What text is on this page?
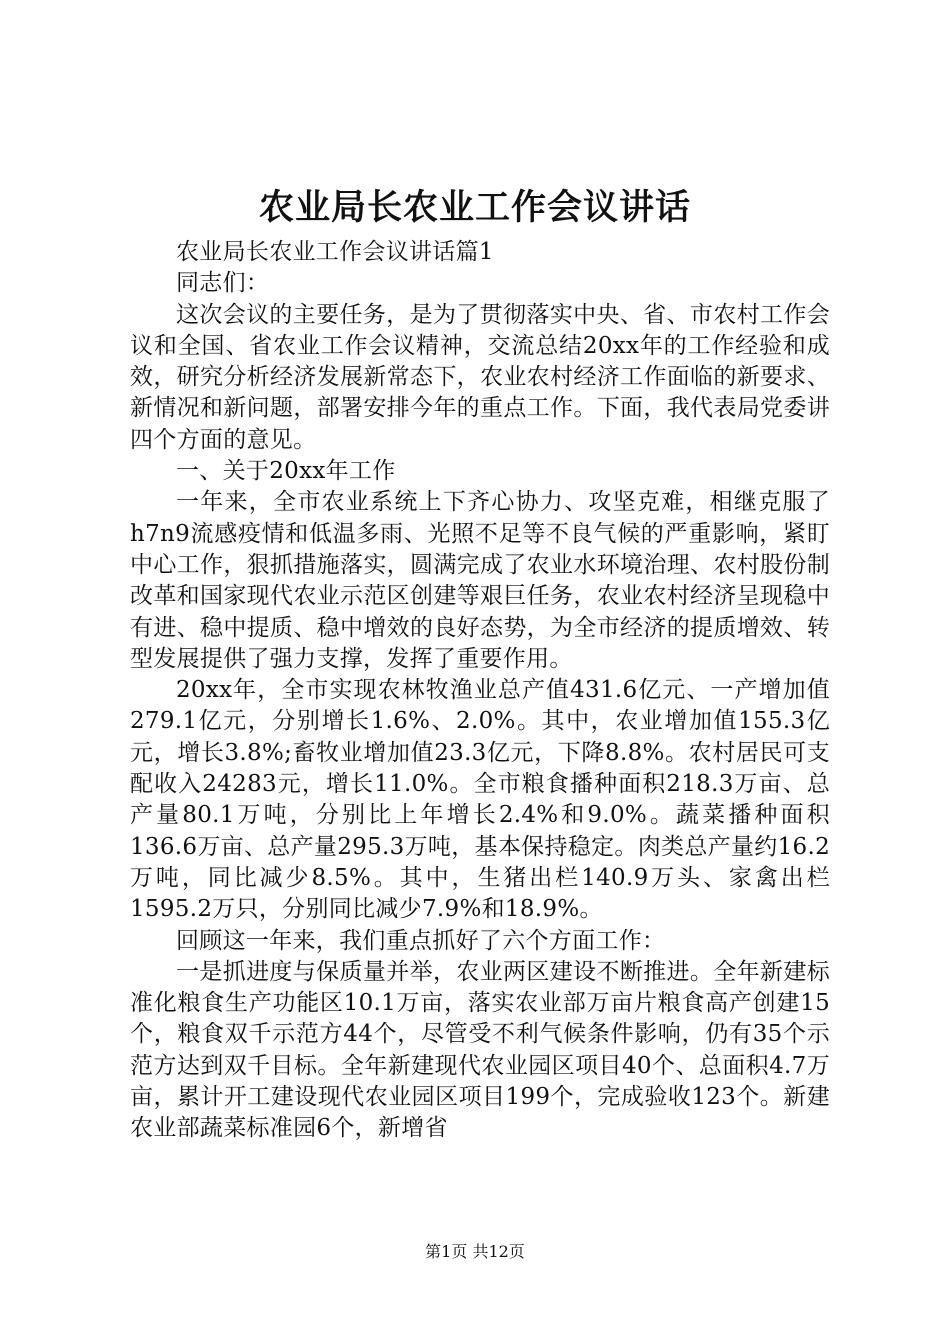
农业局长农业工作会议讲话

农业局长农业工作会议讲话篇1

同志们：

这次会议的主要任务，是为了贯彻落实中央、省、市农村工作会议和全国、省农业工作会议精神，交流总结20xx年的工作经验和成效，研究分析经济发展新常态下，农业农村经济工作面临的新要求、新情况和新问题，部署安排今年的重点工作。下面，我代表局党委讲四个方面的意见。

一、关于20xx年工作

一年来，全市农业系统上下齐心协力、攻坚克难，相继克服了h7n9流感疫情和低温多雨、光照不足等不良气候的严重影响，紧盯中心工作，狠抓措施落实，圆满完成了农业水环境治理、农村股份制改革和国家现代农业示范区创建等艰巨任务，农业农村经济呈现稳中有进、稳中提质、稳中增效的良好态势，为全市经济的提质增效、转型发展提供了强力支撑，发挥了重要作用。

20xx年，全市实现农林牧渔业总产值431.6亿元、一产增加值279.1亿元，分别增长1.6%、2.0%。其中，农业增加值155.3亿元，增长3.8%;畜牧业增加值23.3亿元，下降8.8%。农村居民可支配收入24283元，增长11.0%。全市粮食播种面积218.3万亩、总产量80.1万吨，分别比上年增长2.4%和9.0%。蔬菜播种面积136.6万亩、总产量295.3万吨，基本保持稳定。肉类总产量约16.2万吨，同比减少8.5%。其中，生猪出栏140.9万头、家禽出栏1595.2万只，分别同比减少7.9%和18.9%。

回顾这一年来，我们重点抓好了六个方面工作：

一是抓进度与保质量并举，农业两区建设不断推进。全年新建标准化粮食生产功能区10.1万亩，落实农业部万亩片粮食高产创建15个，粮食双千示范方44个，尽管受不利气候条件影响，仍有35个示范方达到双千目标。全年新建现代农业园区项目40个、总面积4.7万亩，累计开工建设现代农业园区项目199个，完成验收123个。新建农业部蔬菜标准园6个，新增省

第1页 共12页
